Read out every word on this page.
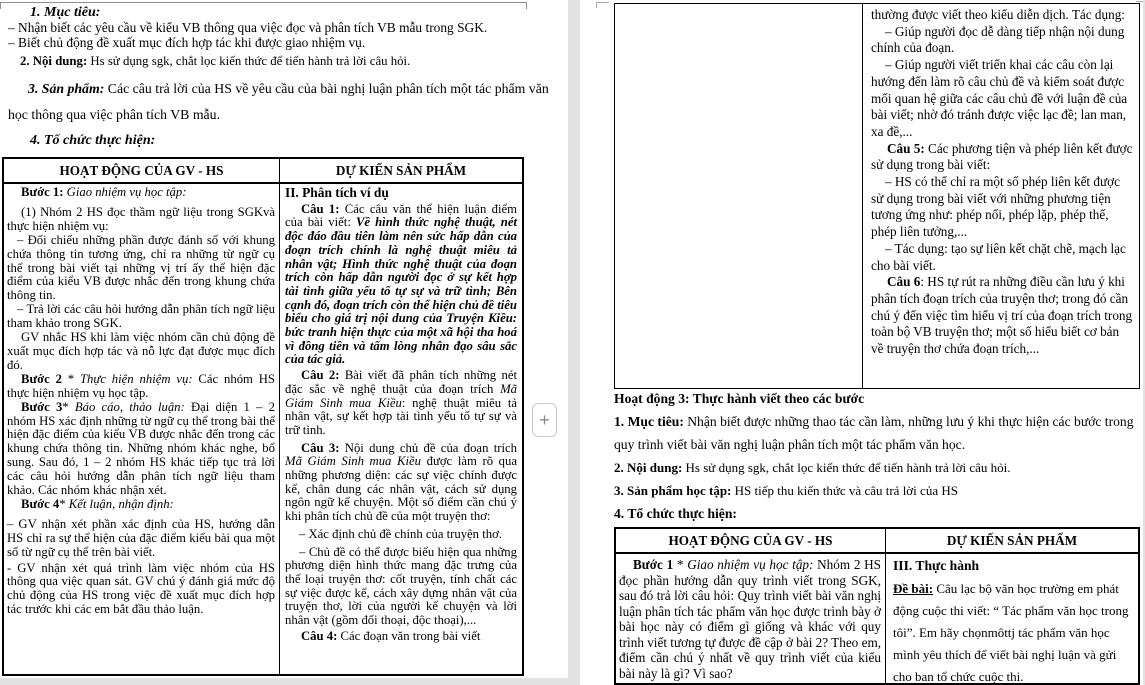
1. Mục tiêu:

– Nhận biết các yêu cầu về kiểu VB thông qua việc đọc và phân tích VB mẫu trong SGK.

– Biết chủ động đề xuất mục đích hợp tác khi được giao nhiệm vụ.

2. Nội dung: Hs sử dụng sgk, chắt lọc kiến thức để tiến hành trả lời câu hỏi.

3. Sản phẩm: Các câu trả lời của HS về yêu cầu của bài nghị luận phân tích một tác phẩm văn học thông qua việc phân tích VB mẫu.

4. Tổ chức thực hiện:

HOẠT ĐỘNG CỦA GV - HS	DỰ KIẾN SẢN PHẨM

Bước 1: Giao nhiệm vụ học tập:

(1) Nhóm 2 HS đọc thầm ngữ liệu trong SGKvà thực hiện nhiệm vụ:

– Đối chiếu những phần được đánh số với khung chứa thông tin tương ứng, chỉ ra những từ ngữ cụ thể trong bài viết tại những vị trí ấy thể hiện đặc điểm của kiểu VB được nhắc đến trong khung chứa thông tin.

– Trả lời các câu hỏi hướng dẫn phân tích ngữ liệu tham khảo trong SGK.

GV nhắc HS khi làm việc nhóm cần chủ động đề xuất mục đích hợp tác và nỗ lực đạt được mục đích đó.

Bước 2 * Thực hiện nhiệm vụ: Các nhóm HS thực hiện nhiệm vụ học tập.

Bước 3* Báo cáo, thảo luận: Đại diện 1 – 2 nhóm HS xác định những từ ngữ cụ thể trong bài thể hiện đặc điểm của kiểu VB được nhắc đến trong các khung chứa thông tin. Những nhóm khác nghe, bổ sung. Sau đó, 1 – 2 nhóm HS khác tiếp tục trả lời các câu hỏi hướng dẫn phân tích ngữ liệu tham khảo. Các nhóm khác nhận xét.

Bước 4* Kết luận, nhận định:

– GV nhận xét phần xác định của HS, hướng dẫn HS chỉ ra sự thể hiện của đặc điểm kiểu bài qua một số từ ngữ cụ thể trên bài viết.

- GV nhận xét quá trình làm việc nhóm của HS thông qua việc quan sát. GV chú ý đánh giá mức độ chủ động của HS trong việc đề xuất mục đích hợp tác trước khi các em bắt đầu thảo luận.

II. Phân tích ví dụ

Câu 1: Các câu văn thể hiện luận điểm của bài viết: Về hình thức nghệ thuật, nét độc đáo đầu tiên làm nên sức hấp dẫn của đoạn trích chính là nghệ thuật miêu tả nhân vật; Hình thức nghệ thuật của đoạn trích còn hấp dẫn người đọc ở sự kết hợp tài tình giữa yếu tố tự sự và trữ tình; Bên cạnh đó, đoạn trích còn thể hiện chủ đề tiêu biểu cho giá trị nội dung của Truyện Kiều: bức tranh hiện thực của một xã hội tha hoá vì đồng tiền và tấm lòng nhân đạo sâu sắc của tác giả.

Câu 2: Bài viết đã phân tích những nét đặc sắc về nghệ thuật của đoạn trích Mã Giám Sinh mua Kiều: nghệ thuật miêu tả nhân vật, sự kết hợp tài tình yếu tố tự sự và trữ tình.

Câu 3: Nội dung chủ đề của đoạn trích Mã Giám Sinh mua Kiều được làm rõ qua những phương diện: các sự việc chính được kể, chân dung các nhân vật, cách sử dụng ngôn ngữ kể chuyện. Một số điểm cần chú ý khi phân tích chủ đề của một truyện thơ:

– Xác định chủ đề chính của truyện thơ.

– Chủ đề có thể được biểu hiện qua những phương diện hình thức mang đặc trưng của thể loại truyện thơ: cốt truyện, tính chất các sự việc được kể, cách xây dựng nhân vật của truyện thơ, lời của người kể chuyện và lời nhân vật (gồm đối thoại, độc thoại),...

Câu 4: Các đoạn văn trong bài viết

+

thường được viết theo kiểu diễn dịch. Tác dụng:

– Giúp người đọc dễ dàng tiếp nhận nội dung chính của đoạn.

– Giúp người viết triển khai các câu còn lại hướng đến làm rõ câu chủ đề và kiểm soát được mối quan hệ giữa các câu chủ đề với luận đề của bài viết; nhờ đó tránh được việc lạc đề; lan man, xa đề,...

Câu 5: Các phương tiện và phép liên kết được sử dụng trong bài viết:

– HS có thể chỉ ra một số phép liên kết được sử dụng trong bài viết với những phương tiện tương ứng như: phép nối, phép lặp, phép thế, phép liên tưởng,...

– Tác dụng: tạo sự liên kết chặt chẽ, mạch lạc cho bài viết.

Câu 6: HS tự rút ra những điều cần lưu ý khi phân tích đoạn trích của truyện thơ; trong đó cần chú ý đến việc tìm hiểu vị trí của đoạn trích trong toàn bộ VB truyện thơ; một số hiểu biết cơ bản về truyện thơ chứa đoạn trích,...

Hoạt động 3: Thực hành viết theo các bước

1. Mục tiêu: Nhận biết được những thao tác cần làm, những lưu ý khi thực hiện các bước trong quy trình viết bài văn nghị luận phân tích một tác phẩm văn học.

2. Nội dung: Hs sử dụng sgk, chắt lọc kiến thức để tiến hành trả lời câu hỏi.

3. Sản phẩm học tập: HS tiếp thu kiến thức và câu trả lời của HS

4. Tổ chức thực hiện:

HOẠT ĐỘNG CỦA GV - HS	DỰ KIẾN SẢN PHẨM

Bước 1 * Giao nhiệm vụ học tập: Nhóm 2 HS đọc phần hướng dẫn quy trình viết trong SGK, sau đó trả lời câu hỏi: Quy trình viết bài văn nghị luận phân tích tác phẩm văn học được trình bày ở bài học này có điểm gì giống và khác với quy trình viết tương tự được đề cập ở bài 2? Theo em, điểm cần chú ý nhất về quy trình viết của kiểu bài này là gì? Vì sao?

III. Thực hành

Đề bài: Câu lạc bộ văn học trường em phát động cuộc thi viết: “ Tác phẩm văn học trong tôi”. Em hãy chọnmôttj tác phẩm văn học mình yêu thích để viết bài nghị luận và gửi cho ban tổ chức cuộc thi.
